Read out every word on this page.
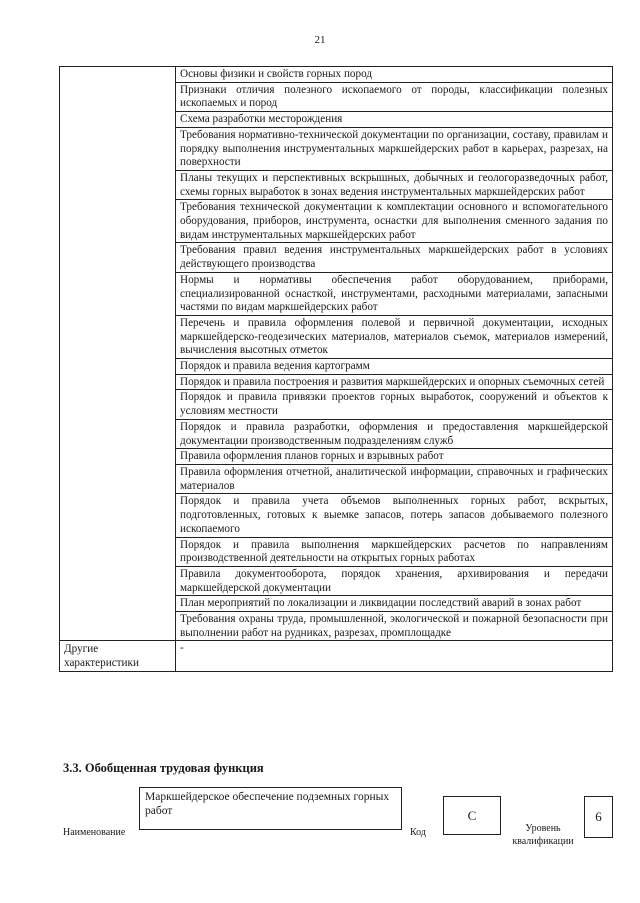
21
	Основы физики и свойств горных пород
	Признаки отличия полезного ископаемого от породы, классификации полезных ископаемых и пород
	Схема разработки месторождения
	Требования нормативно-технической документации по организации, составу, правилам и порядку выполнения инструментальных маркшейдерских работ в карьерах, разрезах, на поверхности
	Планы текущих и перспективных вскрышных, добычных и геологоразведочных работ, схемы горных выработок в зонах ведения инструментальных маркшейдерских работ
	Требования технической документации к комплектации основного и вспомогательного оборудования, приборов, инструмента, оснастки для выполнения сменного задания по видам инструментальных маркшейдерских работ
	Требования правил ведения инструментальных маркшейдерских работ в условиях действующего производства
	Нормы и нормативы обеспечения работ оборудованием, приборами, специализированной оснасткой, инструментами, расходными материалами, запасными частями по видам маркшейдерских работ
	Перечень и правила оформления полевой и первичной документации, исходных маркшейдерско-геодезических материалов, материалов съемок, материалов измерений, вычисления высотных отметок
	Порядок и правила ведения картограмм
	Порядок и правила построения и развития маркшейдерских и опорных съемочных сетей
	Порядок и правила привязки проектов горных выработок, сооружений и объектов к условиям местности
	Порядок и правила разработки, оформления и предоставления маркшейдерской документации производственным подразделениям служб
	Правила оформления планов горных и взрывных работ
	Правила оформления отчетной, аналитической информации, справочных и графических материалов
	Порядок и правила учета объемов выполненных горных работ, вскрытых, подготовленных, готовых к выемке запасов, потерь запасов добываемого полезного ископаемого
	Порядок и правила выполнения маркшейдерских расчетов по направлениям производственной деятельности на открытых горных работах
	Правила документооборота, порядок хранения, архивирования и передачи маркшейдерской документации
	План мероприятий по локализации и ликвидации последствий аварий в зонах работ
	Требования охраны труда, промышленной, экологической и пожарной безопасности при выполнении работ на рудниках, разрезах, промплощадке
Другие характеристики	-
3.3. Обобщенная трудовая функция
Наименование
Маркшейдерское обеспечение подземных горных работ
Код
C
Уровень квалификации
6
